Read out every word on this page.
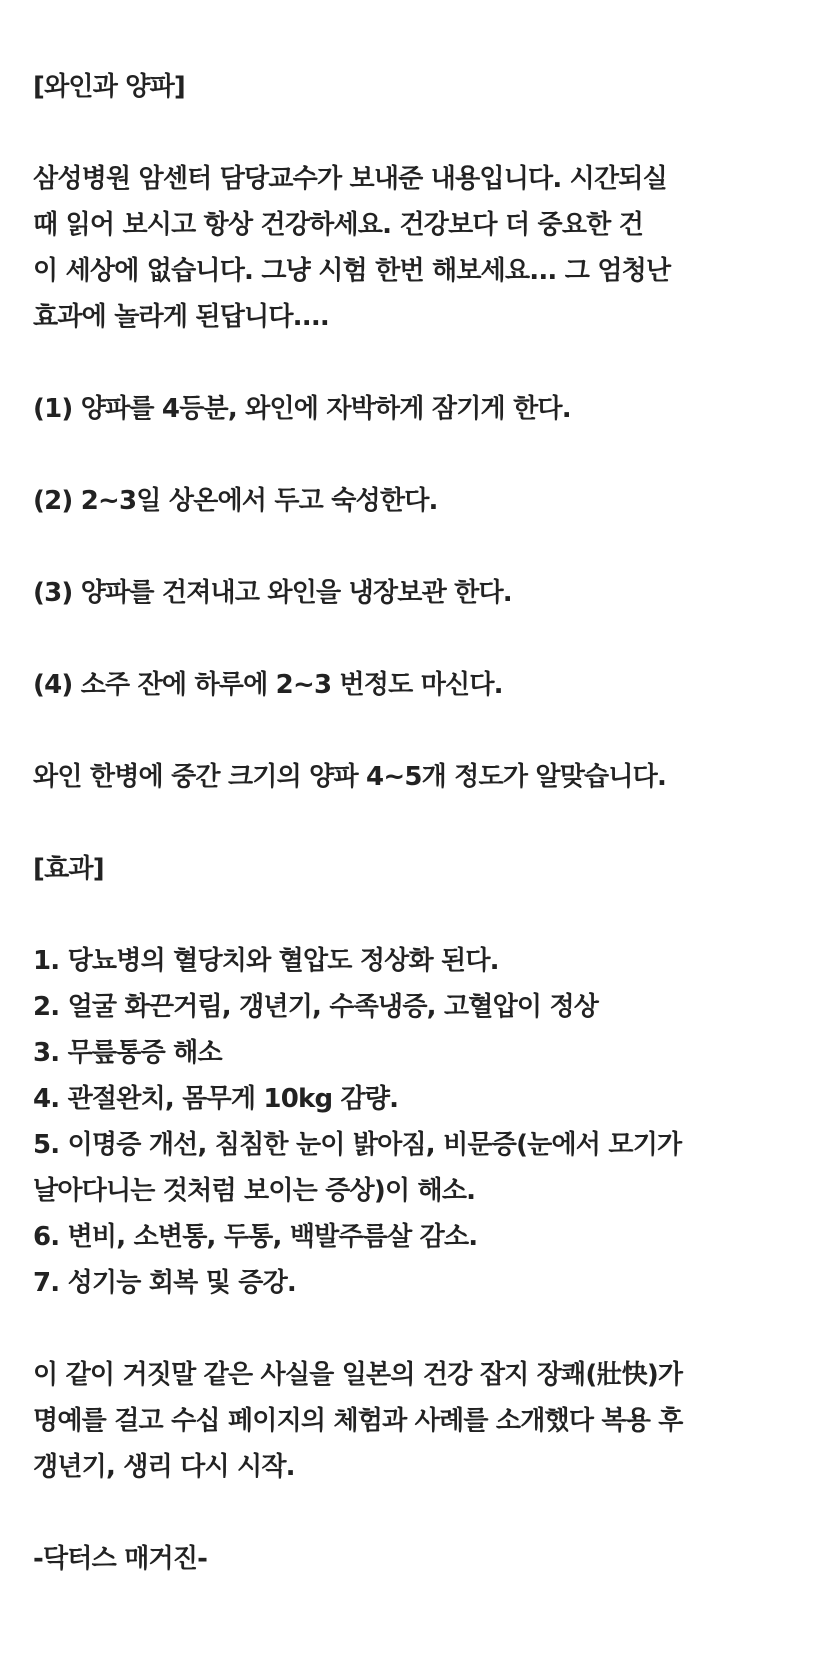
[와인과 양파]

삼성병원 암센터 담당교수가 보내준 내용입니다. 시간되실

때 읽어 보시고 항상 건강하세요. 건강보다 더 중요한 건

이 세상에 없습니다. 그냥 시험 한번 해보세요... 그 엄청난

효과에 놀라게 된답니다....

(1) 양파를 4등분, 와인에 자박하게 잠기게 한다.

(2) 2~3일 상온에서 두고 숙성한다.

(3) 양파를 건져내고 와인을 냉장보관 한다.

(4) 소주 잔에 하루에 2~3 번정도 마신다.

와인 한병에 중간 크기의 양파 4~5개 정도가 알맞습니다.

[효과]

1. 당뇨병의 혈당치와 혈압도 정상화 된다.

2. 얼굴 화끈거림, 갱년기, 수족냉증, 고혈압이 정상

3. 무릎통증 해소

4. 관절완치, 몸무게 10kg 감량.

5. 이명증 개선, 침침한 눈이 밝아짐, 비문증(눈에서 모기가

날아다니는 것처럼 보이는 증상)이 해소.

6. 변비, 소변통, 두통, 백발주름살 감소.

7. 성기능 회복 및 증강.

이 같이 거짓말 같은 사실을 일본의 건강 잡지 장쾌(壯快)가

명예를 걸고 수십 페이지의 체험과 사례를 소개했다 복용 후

갱년기, 생리 다시 시작.

-닥터스 매거진-
